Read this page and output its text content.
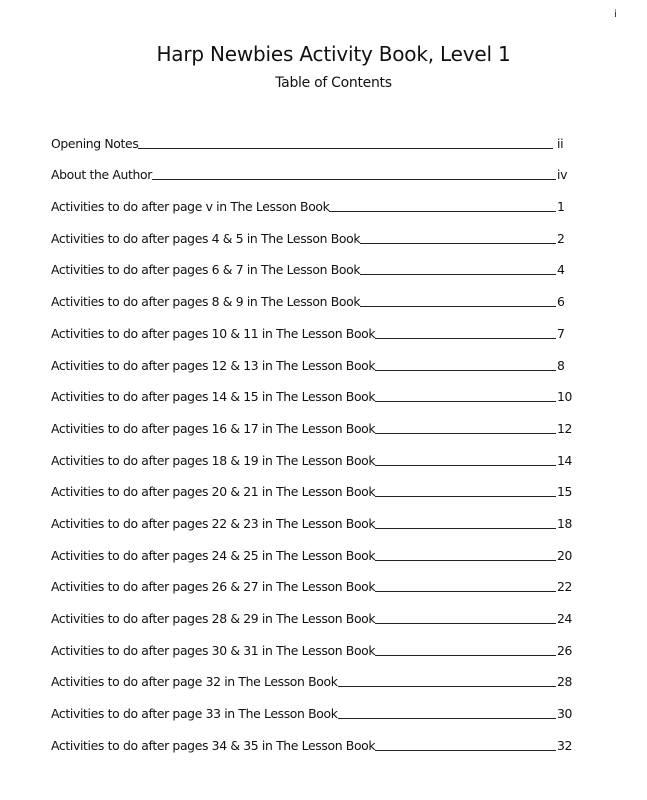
i
Harp Newbies Activity Book, Level 1
Table of Contents
Opening Notes	ii
About the Author	iv
Activities to do after page v in The Lesson Book	1
Activities to do after pages 4 & 5 in The Lesson Book	2
Activities to do after pages 6 & 7 in The Lesson Book	4
Activities to do after pages 8 & 9 in The Lesson Book	6
Activities to do after pages 10 & 11 in The Lesson Book	7
Activities to do after pages 12 & 13 in The Lesson Book	8
Activities to do after pages 14 & 15 in The Lesson Book	10
Activities to do after pages 16 & 17 in The Lesson Book	12
Activities to do after pages 18 & 19 in The Lesson Book	14
Activities to do after pages 20 & 21 in The Lesson Book	15
Activities to do after pages 22 & 23 in The Lesson Book	18
Activities to do after pages 24 & 25 in The Lesson Book	20
Activities to do after pages 26 & 27 in The Lesson Book	22
Activities to do after pages 28 & 29 in The Lesson Book	24
Activities to do after pages 30 & 31 in The Lesson Book	26
Activities to do after page 32 in The Lesson Book	28
Activities to do after page 33 in The Lesson Book	30
Activities to do after pages 34 & 35 in The Lesson Book	32
